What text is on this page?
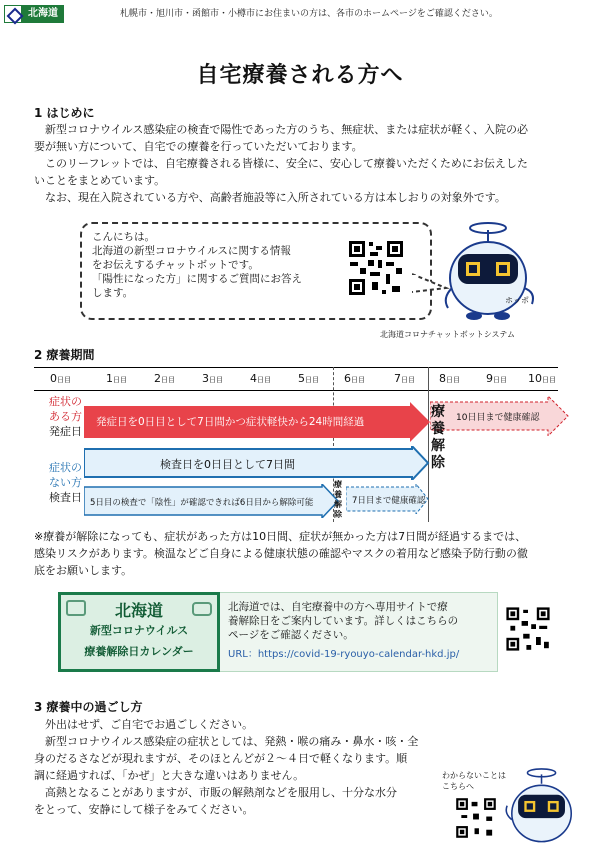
北海道	札幌市・旭川市・函館市・小樽市にお住まいの方は、各市のホームページをご確認ください。
自宅療養される方へ
1 はじめに
新型コロナウイルス感染症の検査で陽性であった方のうち、無症状、または症状が軽く、入院の必
要が無い方について、自宅での療養を行っていただいております。
このリーフレットでは、自宅療養される皆様に、安全に、安心して療養いただくためにお伝えした
いことをまとめています。
なお、現在入院されている方や、高齢者施設等に入所されている方は本しおりの対象外です。
こんにちは。
北海道の新型コロナウイルスに関する情報
をお伝えするチャットボットです。
「陽性になった方」に関するご質問にお答え
します。
ホッポ
北海道コロナチャットボットシステム
2 療養期間
0日目	1日目 2日目 3日目 4日目 5日目 6日目	7日目 8日目 9日目 10日目
症状の
ある方
発症日
発症日を0日目として7日間かつ症状軽快から24時間経過	10日目まで健康確認
療養解除
症状の
ない方
検査日
検査日を0日目として7日間
5日目の検査で「陰性」が確認できれば6日目から解除可能
療養解除
7日目まで健康確認
※療養が解除になっても、症状があった方は10日間、症状が無かった方は7日間が経過するまでは、
感染リスクがあります。検温などご自身による健康状態の確認やマスクの着用など感染予防行動の徹
底をお願いします。
北海道
新型コロナウイルス
療養解除日カレンダー
北海道では、自宅療養中の方へ専用サイトで療
養解除日をご案内しています。詳しくはこちらの
ページをご確認ください。
URL：https://covid-19-ryouyo-calendar-hkd.jp/
3 療養中の過ごし方
外出はせず、ご自宅でお過ごしください。
新型コロナウイルス感染症の症状としては、発熱・喉の痛み・鼻水・咳・全
身のだるさなどが現れますが、そのほとんどが２～４日で軽くなります。順
調に経過すれば、「かぜ」と大きな違いはありません。
高熱となることがありますが、市販の解熱剤などを服用し、十分な水分
をとって、安静にして様子をみてください。
わからないことは
こちらへ
